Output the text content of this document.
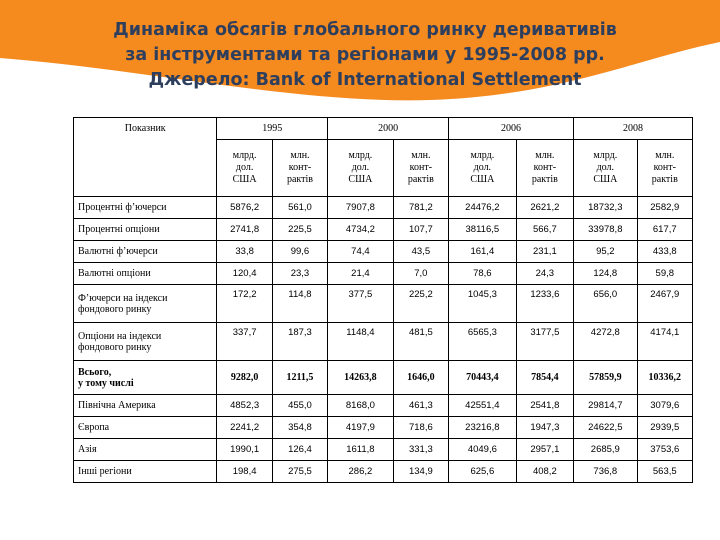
Динаміка обсягів глобального ринку деривативів
за інструментами та регіонами у 1995-2008 рр.
Джерело: Bank of International Settlement
Показник	1995		2000		2006		2008	
	млрд.
дол.
США	млн.
конт-
рактів	млрд.
дол.
США	млн.
конт-
рактів	млрд.
дол.
США	млн.
конт-
рактів	млрд.
дол.
США	млн.
конт-
рактів
Процентні ф’ючерси	5876,2	561,0	7907,8	781,2	24476,2	2621,2	18732,3	2582,9
Процентні опціони	2741,8	225,5	4734,2	107,7	38116,5	566,7	33978,8	617,7
Валютні ф’ючерси	33,8	99,6	74,4	43,5	161,4	231,1	95,2	433,8
Валютні опціони	120,4	23,3	21,4	7,0	78,6	24,3	124,8	59,8
Ф’ючерси на індекси
фондового ринку	172,2	114,8	377,5	225,2	1045,3	1233,6	656,0	2467,9
Опціони на індекси
фондового ринку	337,7	187,3	1148,4	481,5	6565,3	3177,5	4272,8	4174,1
Всього,
у тому числі	9282,0	1211,5	14263,8	1646,0	70443,4	7854,4	57859,9	10336,2
Північна Америка	4852,3	455,0	8168,0	461,3	42551,4	2541,8	29814,7	3079,6
Європа	2241,2	354,8	4197,9	718,6	23216,8	1947,3	24622,5	2939,5
Азія	1990,1	126,4	1611,8	331,3	4049,6	2957,1	2685,9	3753,6
Інші регіони	198,4	275,5	286,2	134,9	625,6	408,2	736,8	563,5
